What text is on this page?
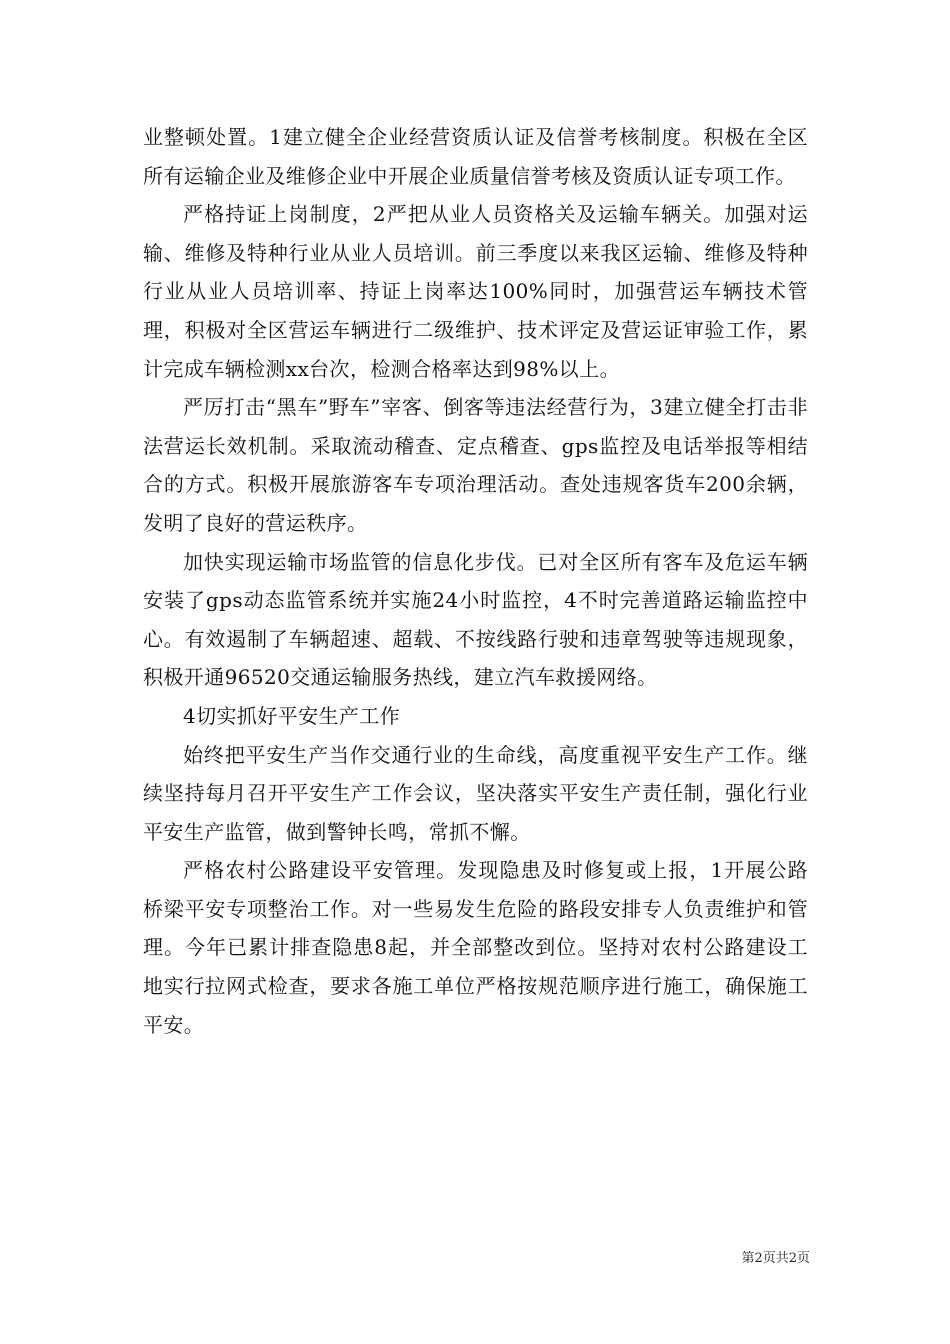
业整顿处置。1建立健全企业经营资质认证及信誉考核制度。积极在全区所有运输企业及维修企业中开展企业质量信誉考核及资质认证专项工作。

严格持证上岗制度，2严把从业人员资格关及运输车辆关。加强对运输、维修及特种行业从业人员培训。前三季度以来我区运输、维修及特种行业从业人员培训率、持证上岗率达100%同时，加强营运车辆技术管理，积极对全区营运车辆进行二级维护、技术评定及营运证审验工作，累计完成车辆检测xx台次，检测合格率达到98%以上。

严厉打击“黑车”野车”宰客、倒客等违法经营行为，3建立健全打击非法营运长效机制。采取流动稽查、定点稽查、gps监控及电话举报等相结合的方式。积极开展旅游客车专项治理活动。查处违规客货车200余辆，发明了良好的营运秩序。

加快实现运输市场监管的信息化步伐。已对全区所有客车及危运车辆安装了gps动态监管系统并实施24小时监控，4不时完善道路运输监控中心。有效遏制了车辆超速、超载、不按线路行驶和违章驾驶等违规现象，积极开通96520交通运输服务热线，建立汽车救援网络。

4切实抓好平安生产工作

始终把平安生产当作交通行业的生命线，高度重视平安生产工作。继续坚持每月召开平安生产工作会议，坚决落实平安生产责任制，强化行业平安生产监管，做到警钟长鸣，常抓不懈。

严格农村公路建设平安管理。发现隐患及时修复或上报，1开展公路桥梁平安专项整治工作。对一些易发生危险的路段安排专人负责维护和管理。今年已累计排查隐患8起，并全部整改到位。坚持对农村公路建设工地实行拉网式检查，要求各施工单位严格按规范顺序进行施工，确保施工平安。

第2页共2页
